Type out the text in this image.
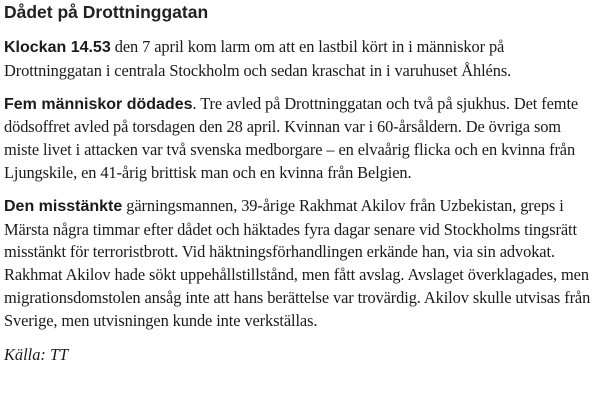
Dådet på Drottninggatan

Klockan 14.53 den 7 april kom larm om att en lastbil kört in i människor på Drottninggatan i centrala Stockholm och sedan kraschat in i varuhuset Åhléns.

Fem människor dödades. Tre avled på Drottninggatan och två på sjukhus. Det femte dödsoffret avled på torsdagen den 28 april. Kvinnan var i 60-årsåldern. De övriga som miste livet i attacken var två svenska medborgare – en elvaårig flicka och en kvinna från Ljungskile, en 41-årig brittisk man och en kvinna från Belgien.

Den misstänkte gärningsmannen, 39-årige Rakhmat Akilov från Uzbekistan, greps i Märsta några timmar efter dådet och häktades fyra dagar senare vid Stockholms tingsrätt misstänkt för terroristbrott. Vid häktningsförhandlingen erkände han, via sin advokat. Rakhmat Akilov hade sökt uppehållstillstånd, men fått avslag. Avslaget överklagades, men migrationsdomstolen ansåg inte att hans berättelse var trovärdig. Akilov skulle utvisas från Sverige, men utvisningen kunde inte verkställas.

Källa: TT
